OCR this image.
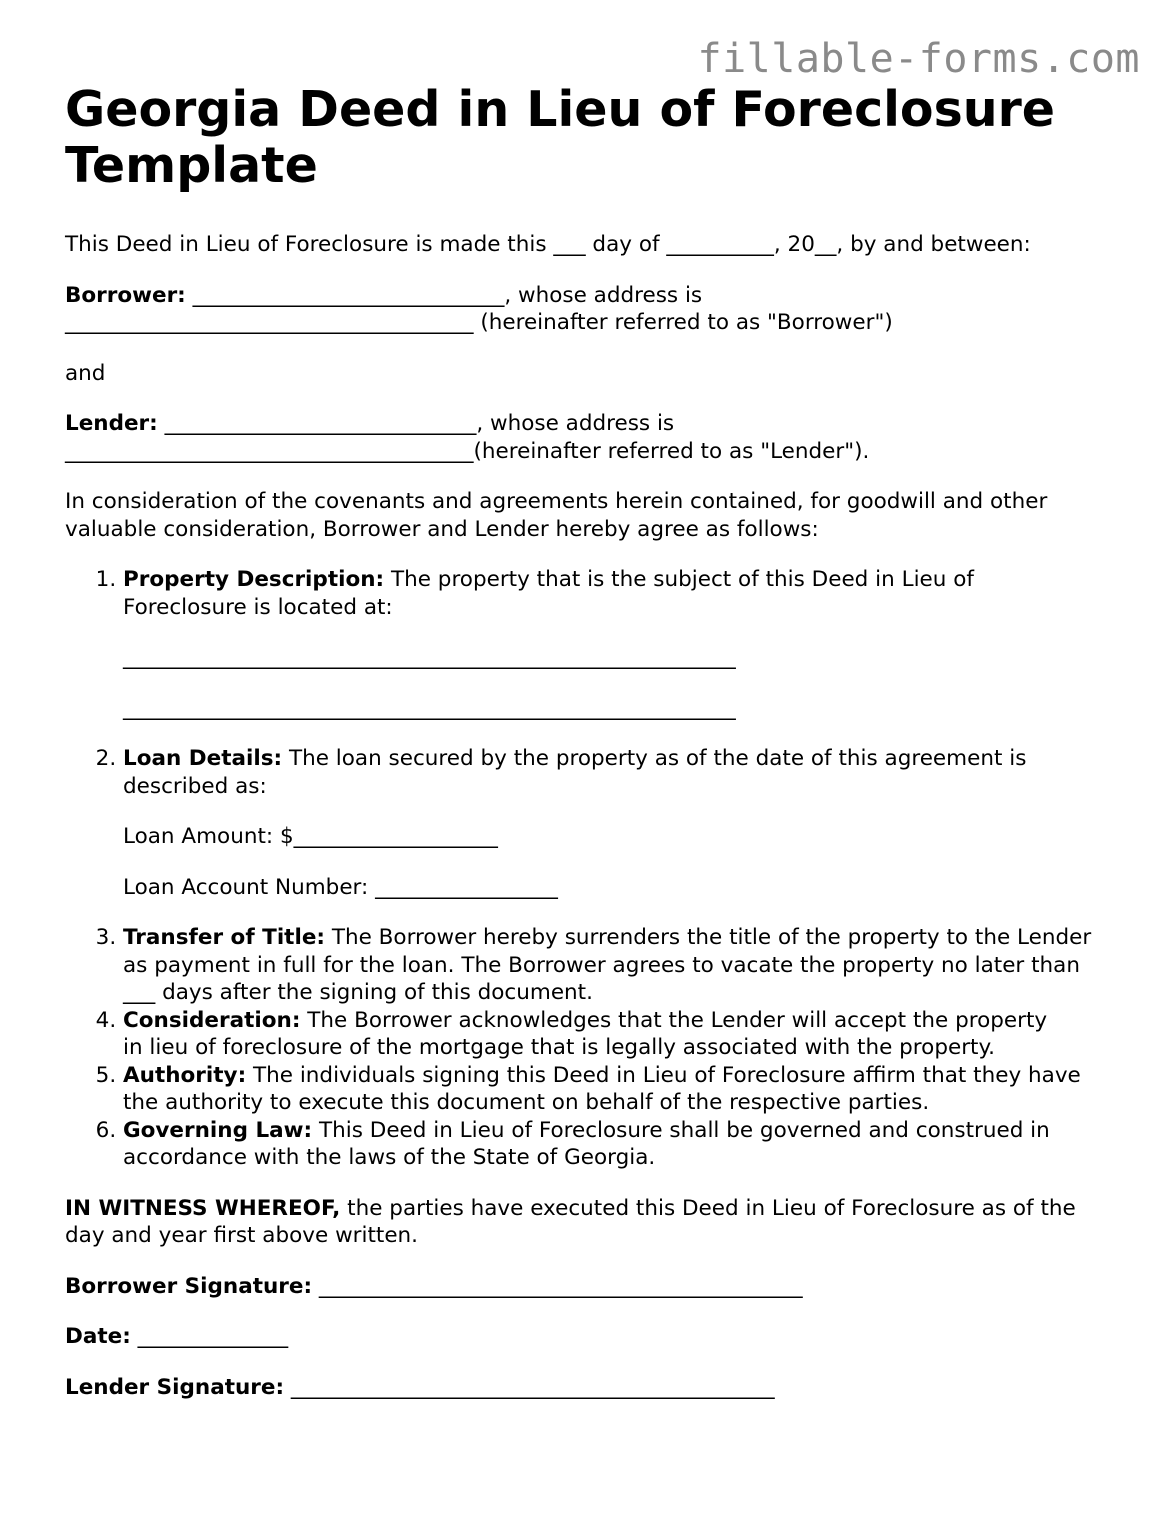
fillable-forms.com
Georgia Deed in Lieu of Foreclosure Template

This Deed in Lieu of Foreclosure is made this ___ day of __________, 20__, by and between:

Borrower: _____________________________, whose address is

______________________________________ (hereinafter referred to as "Borrower")

and

Lender: _____________________________, whose address is

______________________________________(hereinafter referred to as "Lender").

In consideration of the covenants and agreements herein contained, for goodwill and other valuable consideration, Borrower and Lender hereby agree as follows:

1. Property Description: The property that is the subject of this Deed in Lieu of Foreclosure is located at:
_________________________________________________________
_________________________________________________________
2. Loan Details: The loan secured by the property as of the date of this agreement is described as:
Loan Amount: $___________________
Loan Account Number: _________________
3. Transfer of Title: The Borrower hereby surrenders the title of the property to the Lender as payment in full for the loan. The Borrower agrees to vacate the property no later than ___ days after the signing of this document.
4. Consideration: The Borrower acknowledges that the Lender will accept the property in lieu of foreclosure of the mortgage that is legally associated with the property.
5. Authority: The individuals signing this Deed in Lieu of Foreclosure affirm that they have the authority to execute this document on behalf of the respective parties.
6. Governing Law: This Deed in Lieu of Foreclosure shall be governed and construed in accordance with the laws of the State of Georgia.

IN WITNESS WHEREOF, the parties have executed this Deed in Lieu of Foreclosure as of the day and year first above written.

Borrower Signature: _____________________________________________

Date: ______________

Lender Signature: _____________________________________________
